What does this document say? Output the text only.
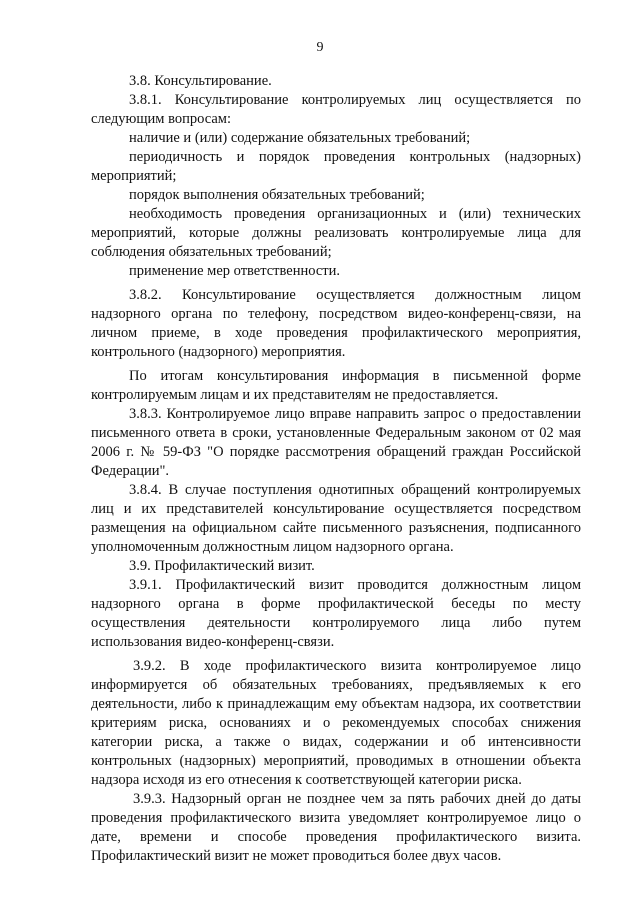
9

3.8. Консультирование.

3.8.1. Консультирование контролируемых лиц осуществляется по следующим вопросам:

наличие и (или) содержание обязательных требований;

периодичность и порядок проведения контрольных (надзорных) мероприятий;

порядок выполнения обязательных требований;

необходимость проведения организационных и (или) технических мероприятий, которые должны реализовать контролируемые лица для соблюдения обязательных требований;

применение мер ответственности.

3.8.2. Консультирование осуществляется должностным лицом надзорного органа по телефону, посредством видео-конференц-связи, на личном приеме, в ходе проведения профилактического мероприятия, контрольного (надзорного) мероприятия.

По итогам консультирования информация в письменной форме контролируемым лицам и их представителям не предоставляется.

3.8.3. Контролируемое лицо вправе направить запрос о предоставлении письменного ответа в сроки, установленные Федеральным законом от 02 мая 2006 г. № 59-ФЗ "О порядке рассмотрения обращений граждан Российской Федерации".

3.8.4. В случае поступления однотипных обращений контролируемых лиц и их представителей консультирование осуществляется посредством размещения на официальном сайте письменного разъяснения, подписанного уполномоченным должностным лицом надзорного органа.

3.9. Профилактический визит.

3.9.1. Профилактический визит проводится должностным лицом надзорного органа в форме профилактической беседы по месту осуществления деятельности контролируемого лица либо путем использования видео-конференц-связи.

3.9.2. В ходе профилактического визита контролируемое лицо информируется об обязательных требованиях, предъявляемых к его деятельности, либо к принадлежащим ему объектам надзора, их соответствии критериям риска, основаниях и о рекомендуемых способах снижения категории риска, а также о видах, содержании и об интенсивности контрольных (надзорных) мероприятий, проводимых в отношении объекта надзора исходя из его отнесения к соответствующей категории риска.

3.9.3. Надзорный орган не позднее чем за пять рабочих дней до даты проведения профилактического визита уведомляет контролируемое лицо о дате, времени и способе проведения профилактического визита. Профилактический визит не может проводиться более двух часов.
